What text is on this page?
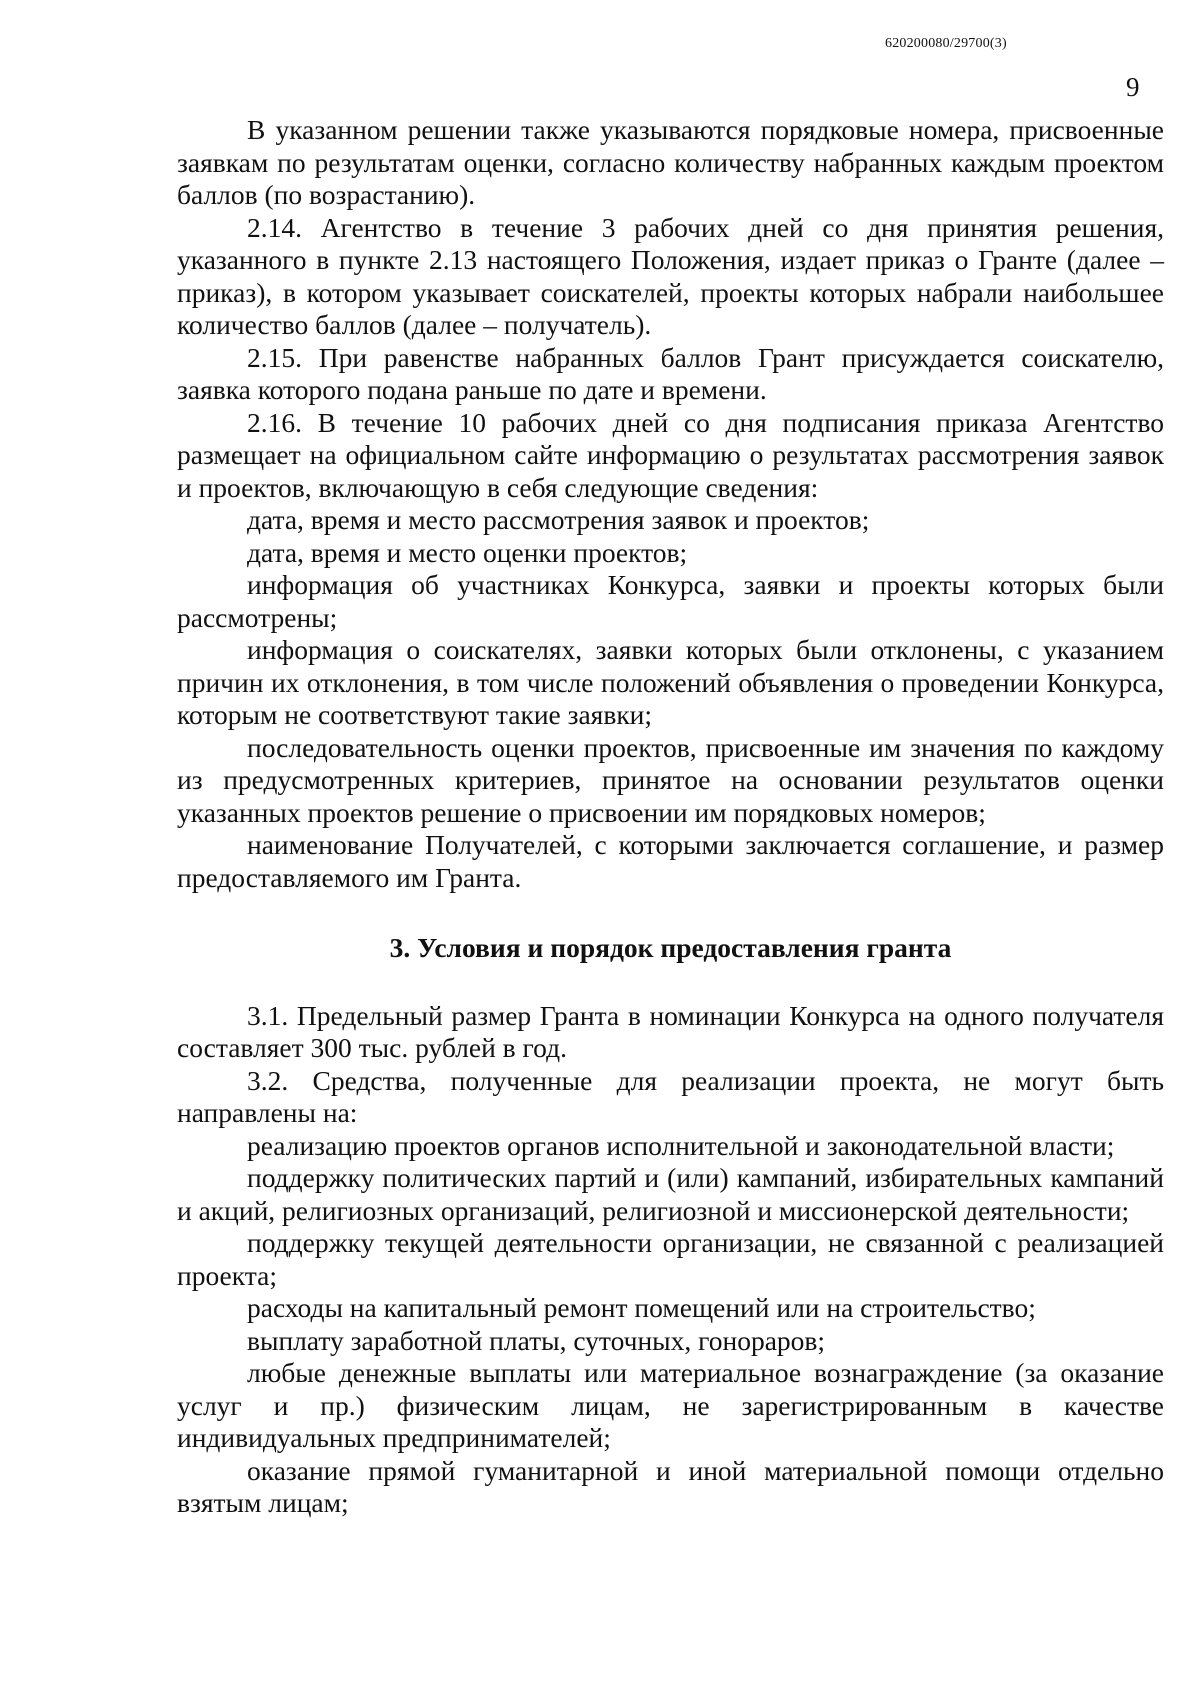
620200080/29700(3)
9

В указанном решении также указываются порядковые номера, присвоенные заявкам по результатам оценки, согласно количеству набранных каждым проектом баллов (по возрастанию).

2.14. Агентство в течение 3 рабочих дней со дня принятия решения, указанного в пункте 2.13 настоящего Положения, издает приказ о Гранте (далее – приказ), в котором указывает соискателей, проекты которых набрали наибольшее количество баллов (далее – получатель).

2.15. При равенстве набранных баллов Грант присуждается соискателю, заявка которого подана раньше по дате и времени.

2.16. В течение 10 рабочих дней со дня подписания приказа Агентство размещает на официальном сайте информацию о результатах рассмотрения заявок и проектов, включающую в себя следующие сведения:

дата, время и место рассмотрения заявок и проектов;

дата, время и место оценки проектов;

информация об участниках Конкурса, заявки и проекты которых были рассмотрены;

информация о соискателях, заявки которых были отклонены, с указанием причин их отклонения, в том числе положений объявления о проведении Конкурса, которым не соответствуют такие заявки;

последовательность оценки проектов, присвоенные им значения по каждому из предусмотренных критериев, принятое на основании результатов оценки указанных проектов решение о присвоении им порядковых номеров;

наименование Получателей, с которыми заключается соглашение, и размер предоставляемого им Гранта.

3. Условия и порядок предоставления гранта

3.1. Предельный размер Гранта в номинации Конкурса на одного получателя составляет 300 тыс. рублей в год.

3.2. Средства, полученные для реализации проекта, не могут быть направлены на:

реализацию проектов органов исполнительной и законодательной власти;

поддержку политических партий и (или) кампаний, избирательных кампаний и акций, религиозных организаций, религиозной и миссионерской деятельности;

поддержку текущей деятельности организации, не связанной с реализацией проекта;

расходы на капитальный ремонт помещений или на строительство;

выплату заработной платы, суточных, гонораров;

любые денежные выплаты или материальное вознаграждение (за оказание услуг и пр.) физическим лицам, не зарегистрированным в качестве индивидуальных предпринимателей;

оказание прямой гуманитарной и иной материальной помощи отдельно взятым лицам;
